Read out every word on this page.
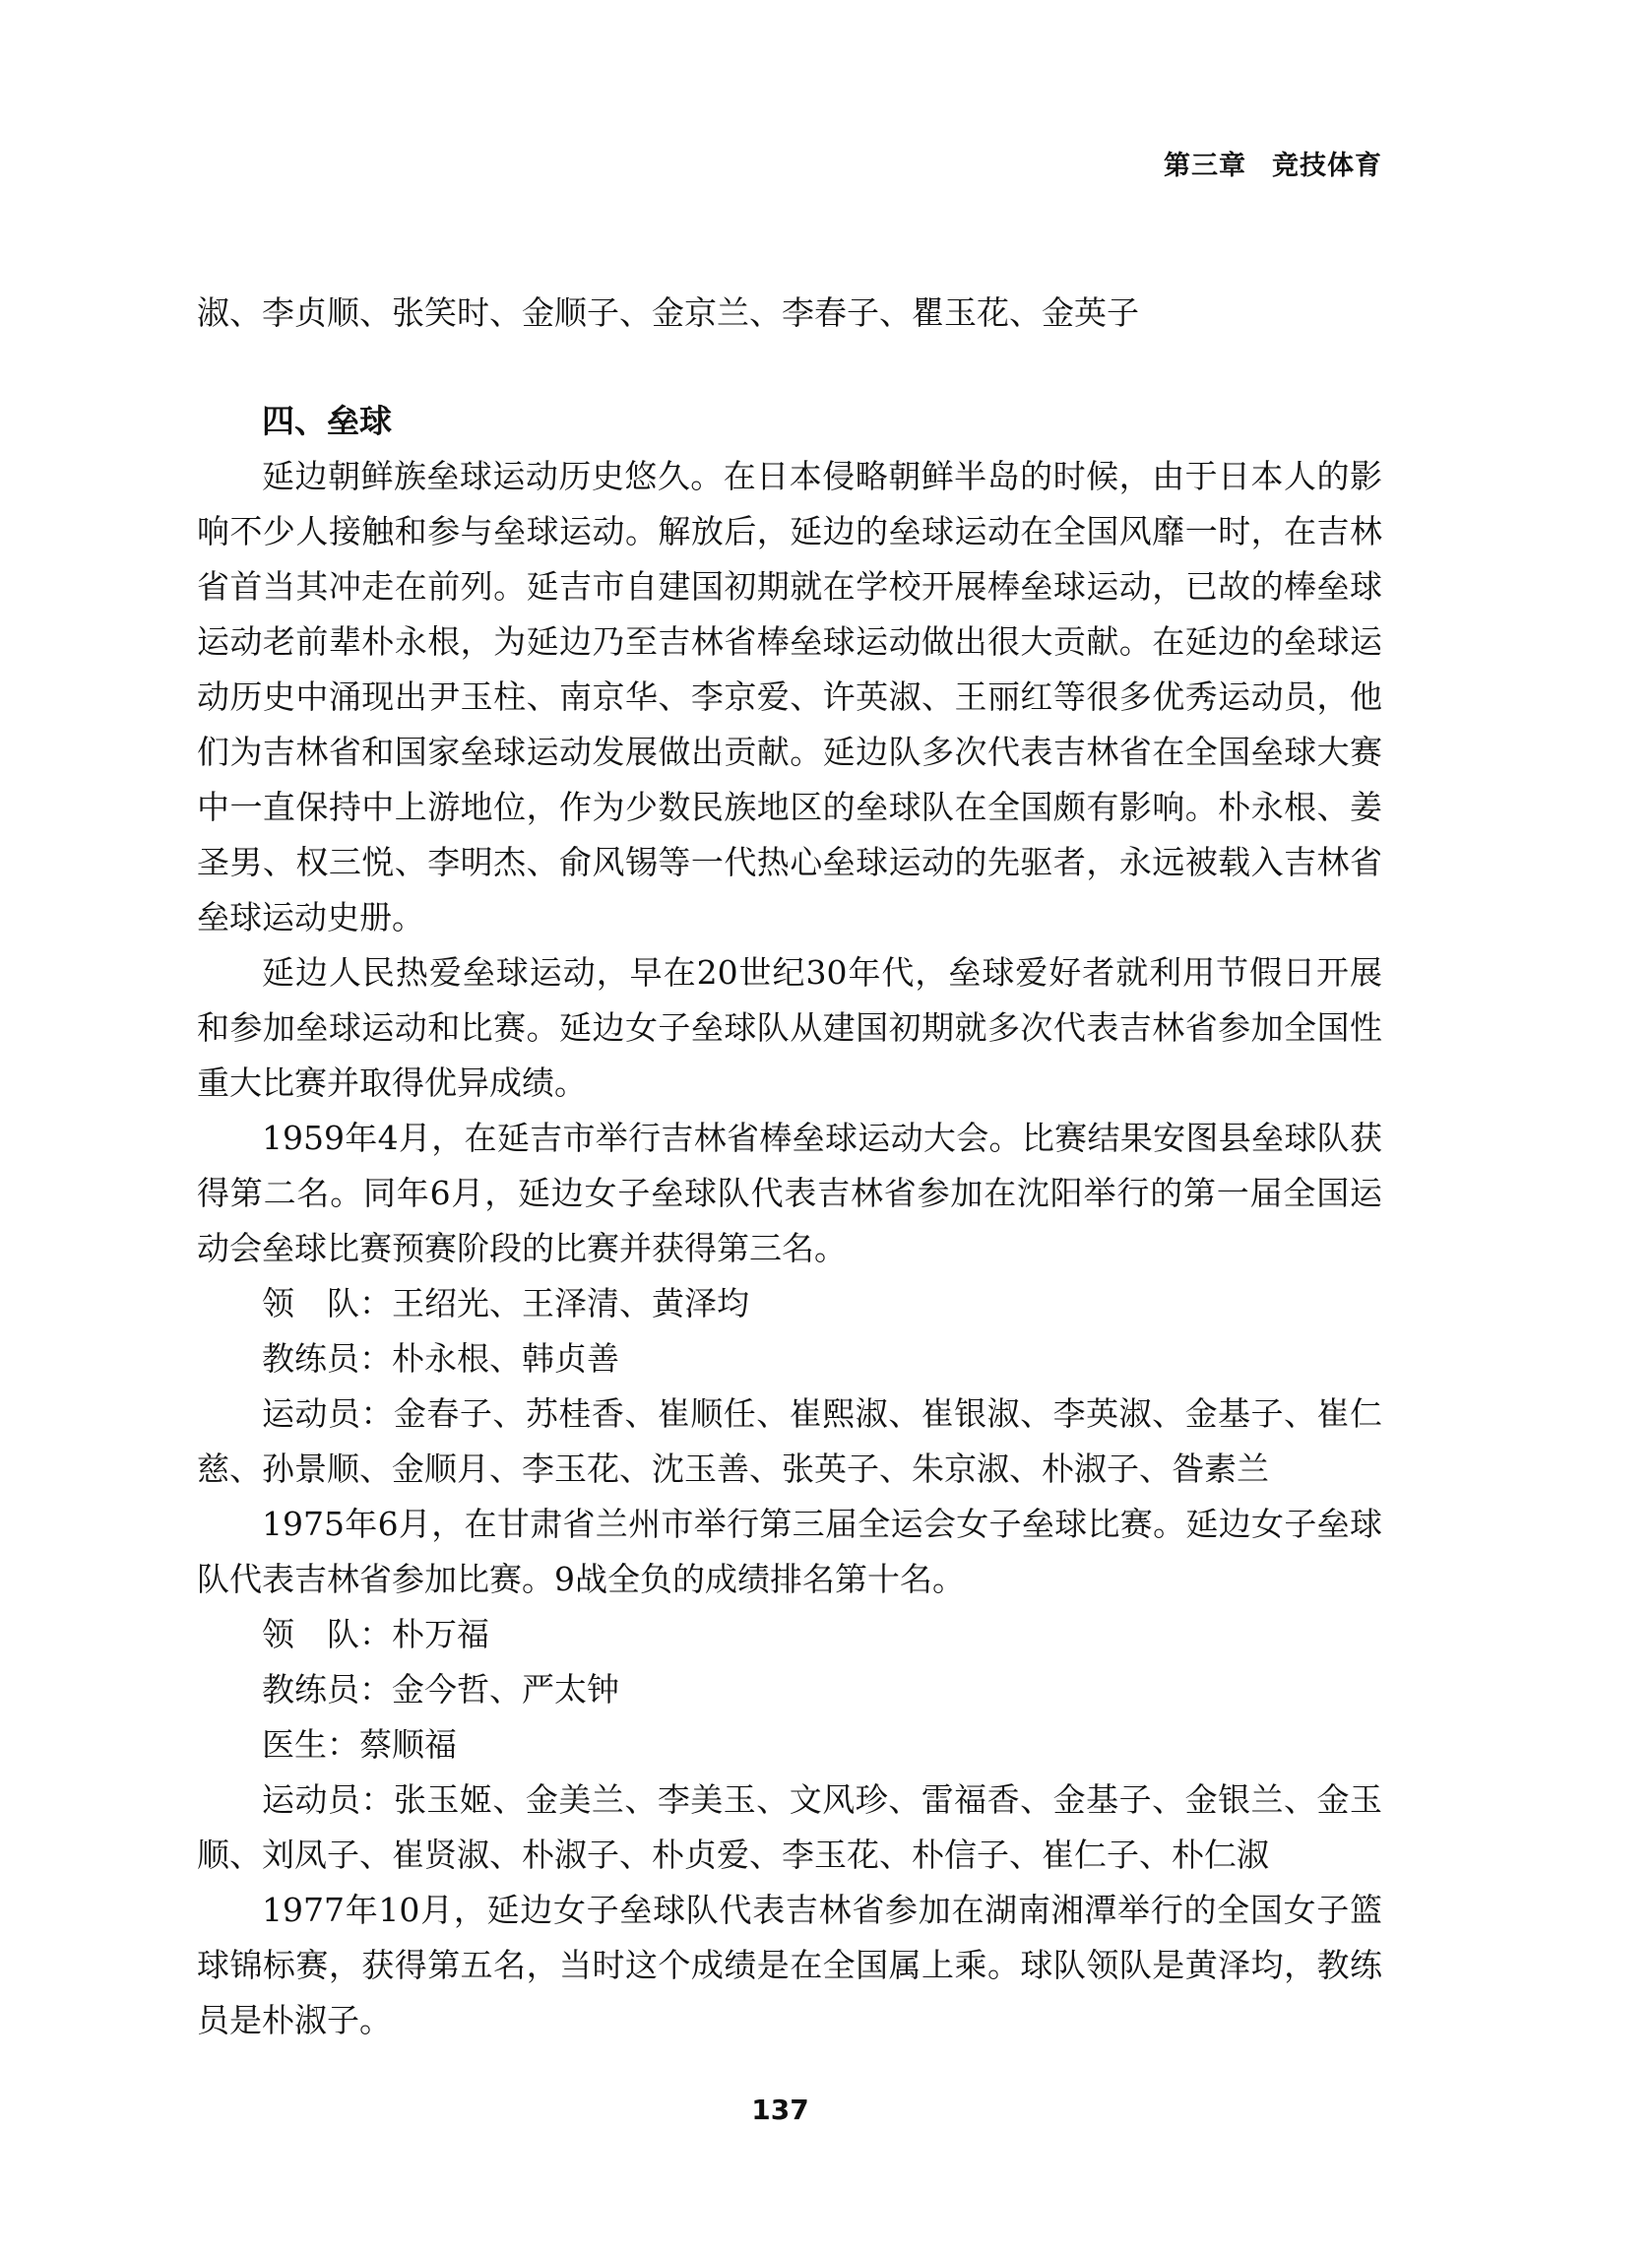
第三章 竞技体育

淑、李贞顺、张笑时、金顺子、金京兰、李春子、瞿玉花、金英子

四、垒球

延边朝鲜族垒球运动历史悠久。在日本侵略朝鲜半岛的时候，由于日本人的影响不少人接触和参与垒球运动。解放后，延边的垒球运动在全国风靡一时，在吉林省首当其冲走在前列。延吉市自建国初期就在学校开展棒垒球运动，已故的棒垒球运动老前辈朴永根，为延边乃至吉林省棒垒球运动做出很大贡献。在延边的垒球运动历史中涌现出尹玉柱、南京华、李京爱、许英淑、王丽红等很多优秀运动员，他们为吉林省和国家垒球运动发展做出贡献。延边队多次代表吉林省在全国垒球大赛中一直保持中上游地位，作为少数民族地区的垒球队在全国颇有影响。朴永根、姜圣男、权三悦、李明杰、俞风锡等一代热心垒球运动的先驱者，永远被载入吉林省垒球运动史册。

延边人民热爱垒球运动，早在20世纪30年代，垒球爱好者就利用节假日开展和参加垒球运动和比赛。延边女子垒球队从建国初期就多次代表吉林省参加全国性重大比赛并取得优异成绩。

1959年4月，在延吉市举行吉林省棒垒球运动大会。比赛结果安图县垒球队获得第二名。同年6月，延边女子垒球队代表吉林省参加在沈阳举行的第一届全国运动会垒球比赛预赛阶段的比赛并获得第三名。

领　队：王绍光、王泽清、黄泽均

教练员：朴永根、韩贞善

运动员：金春子、苏桂香、崔顺任、崔熙淑、崔银淑、李英淑、金基子、崔仁慈、孙景顺、金顺月、李玉花、沈玉善、张英子、朱京淑、朴淑子、昝素兰

1975年6月，在甘肃省兰州市举行第三届全运会女子垒球比赛。延边女子垒球队代表吉林省参加比赛。9战全负的成绩排名第十名。

领　队：朴万福

教练员：金今哲、严太钟

医生：蔡顺福

运动员：张玉姬、金美兰、李美玉、文风珍、雷福香、金基子、金银兰、金玉顺、刘凤子、崔贤淑、朴淑子、朴贞爱、李玉花、朴信子、崔仁子、朴仁淑

1977年10月，延边女子垒球队代表吉林省参加在湖南湘潭举行的全国女子篮球锦标赛，获得第五名，当时这个成绩是在全国属上乘。球队领队是黄泽均，教练员是朴淑子。

137
